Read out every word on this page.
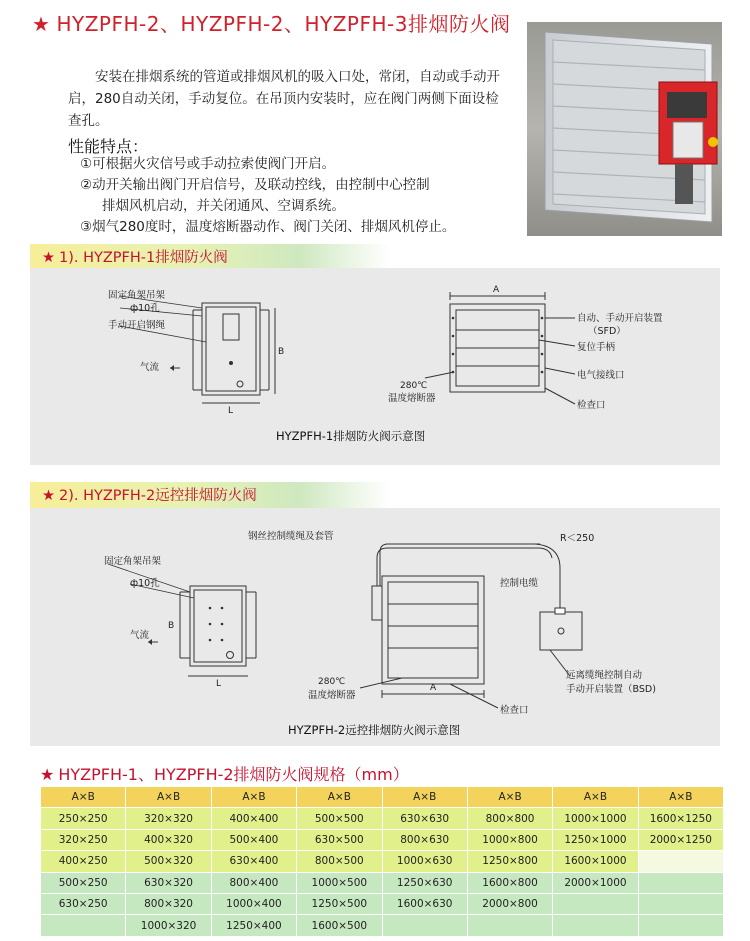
★ HYZPFH-2、HYZPFH-2、HYZPFH-3排烟防火阀

安装在排烟系统的管道或排烟风机的吸入口处，常闭，自动或手动开启，280自动关闭，手动复位。在吊顶内安装时，应在阀门两侧下面设检查孔。

性能特点：
①可根据火灾信号或手动拉索使阀门开启。
②动开关输出阀门开启信号，及联动控线，由控制中心控制
排烟风机启动，并关闭通风、空调系统。
③烟气280度时，温度熔断器动作、阀门关闭、排烟风机停止。
★ 1). HYZPFH-1排烟防火阀
固定角架吊架
ф10孔
手动开启钢绳
气流
B
L
A
自动、手动开启装置
（SFD）
复位手柄
电气接线口
280℃
温度熔断器
检查口
HYZPFH-1排烟防火阀示意图
★ 2). HYZPFH-2远控排烟防火阀
固定角架吊架
ф10孔
气流
B
L
钢丝控制缆绳及套管	R＜250
控制电缆
远离缆绳控制自动
手动开启装置（BSD)
280℃
温度熔断器
A
检查口
HYZPFH-2远控排烟防火阀示意图
★ HYZPFH-1、HYZPFH-2排烟防火阀规格（mm）
A×B	A×B	A×B	A×B	A×B	A×B	A×B	A×B
250×250	320×320	400×400	500×500	630×630	800×800	1000×1000	1600×1250
320×250	400×320	500×400	630×500	800×630	1000×800	1250×1000	2000×1250
400×250	500×320	630×400	800×500	1000×630	1250×800	1600×1000	
500×250	630×320	800×400	1000×500	1250×630	1600×800	2000×1000	
630×250	800×320	1000×400	1250×500	1600×630	2000×800		
	1000×320	1250×400	1600×500				
